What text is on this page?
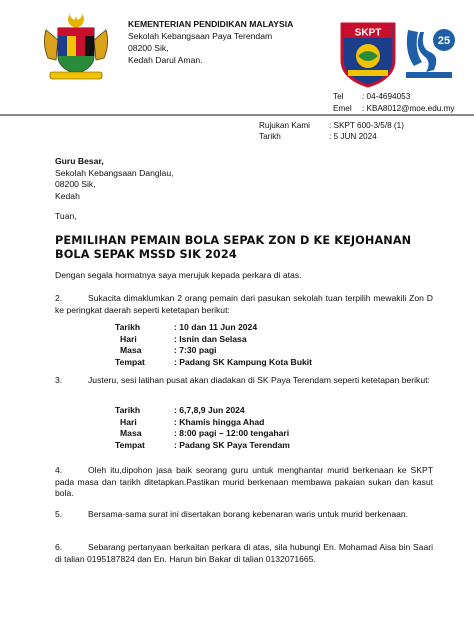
KEMENTERIAN PENDIDIKAN MALAYSIA
Sekolah Kebangsaan Paya Terendam
08200 Sik,
Kedah Darul Aman.
SKPT
25
Tel	: 04-4694053
Emel	: KBA8012@moe.edu.my
Rujukan Kami	: SKPT 600-3/5/8 (1)
Tarikh	: 5 JUN 2024
Guru Besar,
Sekolah Kebangsaan Danglau,
08200 Sik,
Kedah
Tuan,
PEMILIHAN PEMAIN BOLA SEPAK ZON D KE KEJOHANAN BOLA SEPAK MSSD SIK 2024
Dengan segala hormatnya saya merujuk kepada perkara di atas.
2.	Sukacita dimaklumkan 2 orang pemain dari pasukan sekolah tuan terpilih mewakili Zon D ke peringkat daerah seperti ketetapan berikut:
Tarikh	: 10 dan 11 Jun 2024
Hari	: Isnin dan Selasa
Masa	: 7:30 pagi
Tempat	: Padang SK Kampung Kota Bukit
3.	Justeru, sesi latihan pusat akan diadakan di SK Paya Terendam seperti ketetapan berikut:
Tarikh	: 6,7,8,9 Jun 2024
Hari	: Khamis hingga Ahad
Masa	: 8:00 pagi – 12:00 tengahari
Tempat	: Padang SK Paya Terendam
4.	Oleh itu,dipohon jasa baik seorang guru untuk menghantar murid berkenaan ke SKPT pada masa dan tarikh ditetapkan.Pastikan murid berkenaan membawa pakaian sukan dan kasut bola.
5.	Bersama-sama surat ini disertakan borang kebenaran waris untuk murid berkenaan.
6.	Sebarang pertanyaan berkaitan perkara di atas, sila hubungi En. Mohamad Aisa bin Saari di talian 0195187824 dan En. Harun bin Bakar di talian 0132071665.
